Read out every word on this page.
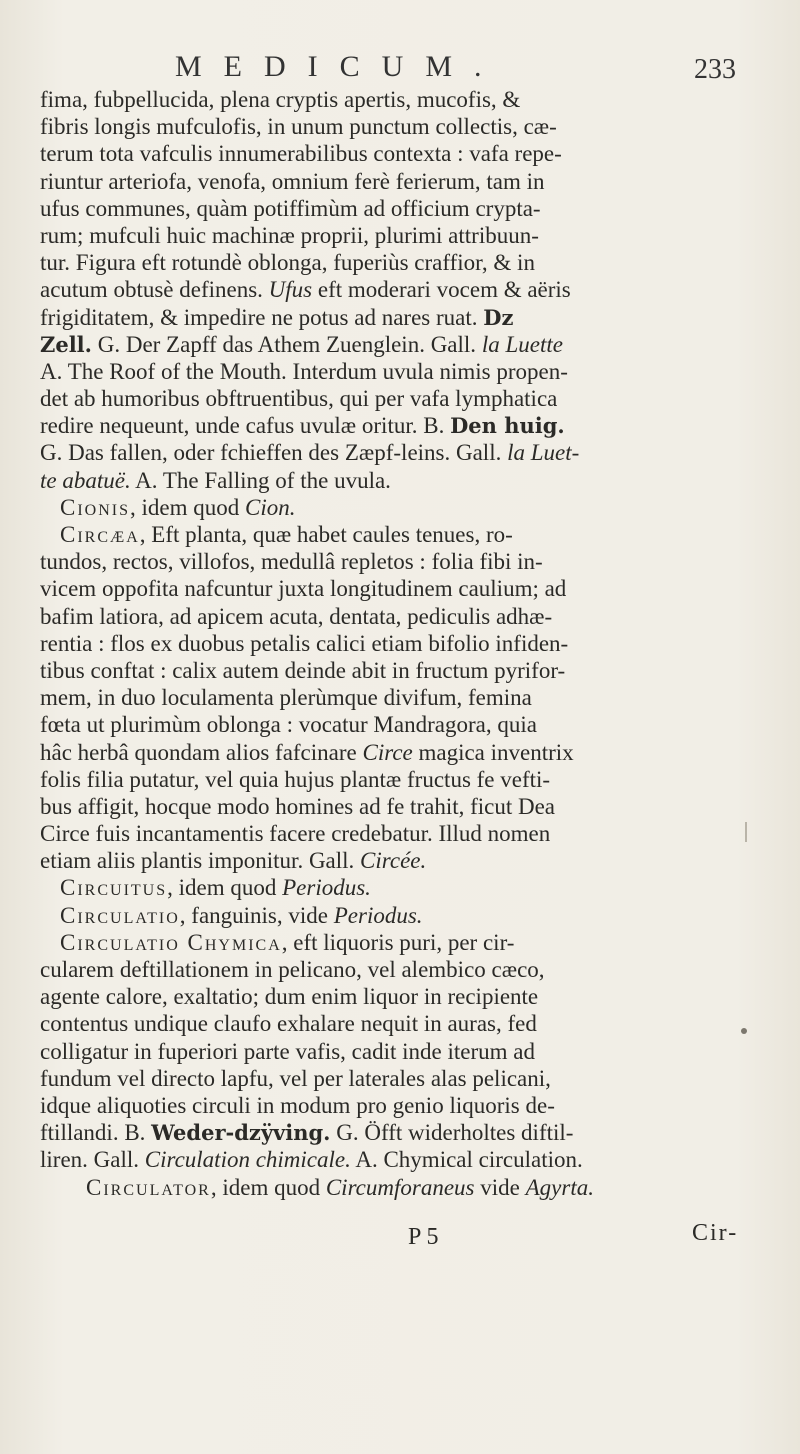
MEDICUM.	233
fima, fubpellucida, plena cryptis apertis, mucofis, &
fibris longis mufculofis, in unum punctum collectis, cæ-
terum tota vafculis innumerabilibus contexta : vafa repe-
riuntur arteriofa, venofa, omnium ferè ferierum, tam in
ufus communes, quàm potiffimùm ad officium crypta-
rum; mufculi huic machinæ proprii, plurimi attribuun-
tur. Figura eft rotundè oblonga, fuperiùs craffior, & in
acutum obtusè definens. Ufus eft moderari vocem & aëris
frigiditatem, & impedire ne potus ad nares ruat. Dz
Zell. G. Der Zapff das Athem Zuenglein. Gall. la Luette
A. The Roof of the Mouth. Interdum uvula nimis propen-
det ab humoribus obftruentibus, qui per vafa lymphatica
redire nequeunt, unde cafus uvulæ oritur. B. Den huig.
G. Das fallen, oder fchieffen des Zæpf-leins. Gall. la Luet-
te abatuë. A. The Falling of the uvula.
Cionis, idem quod Cion.
Circæa, Eft planta, quæ habet caules tenues, ro-
tundos, rectos, villofos, medullâ repletos : folia fibi in-
vicem oppofita nafcuntur juxta longitudinem caulium; ad
bafim latiora, ad apicem acuta, dentata, pediculis adhæ-
rentia : flos ex duobus petalis calici etiam bifolio infiden-
tibus conftat : calix autem deinde abit in fructum pyrifor-
mem, in duo loculamenta plerùmque divifum, femina
fœta ut plurimùm oblonga : vocatur Mandragora, quia
hâc herbâ quondam alios fafcinare Circe magica inventrix
folis filia putatur, vel quia hujus plantæ fructus fe vefti-
bus affigit, hocque modo homines ad fe trahit, ficut Dea
Circe fuis incantamentis facere credebatur. Illud nomen
etiam aliis plantis imponitur. Gall. Circée.
Circuitus, idem quod Periodus.
Circulatio, fanguinis, vide Periodus.
Circulatio Chymica, eft liquoris puri, per cir-
cularem deftillationem in pelicano, vel alembico cæco,
agente calore, exaltatio; dum enim liquor in recipiente
contentus undique claufo exhalare nequit in auras, fed
colligatur in fuperiori parte vafis, cadit inde iterum ad
fundum vel directo lapfu, vel per laterales alas pelicani,
idque aliquoties circuli in modum pro genio liquoris de-
ftillandi. B. Weder-dzÿving. G. Öfft widerholtes diftil-
liren. Gall. Circulation chimicale. A. Chymical circulation.
Circulator, idem quod Circumforaneus vide Agyrta.
P 5	Cir-
